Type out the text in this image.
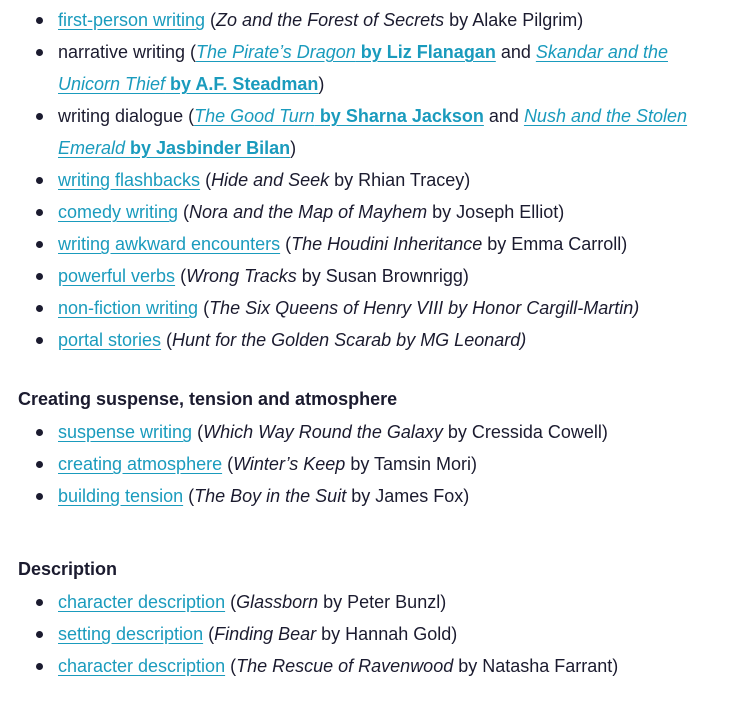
first-person writing (Zo and the Forest of Secrets by Alake Pilgrim)
narrative writing (The Pirate’s Dragon by Liz Flanagan and Skandar and the Unicorn Thief by A.F. Steadman)
writing dialogue (The Good Turn by Sharna Jackson and Nush and the Stolen Emerald by Jasbinder Bilan)
writing flashbacks (Hide and Seek by Rhian Tracey)
comedy writing (Nora and the Map of Mayhem by Joseph Elliot)
writing awkward encounters (The Houdini Inheritance by Emma Carroll)
powerful verbs (Wrong Tracks by Susan Brownrigg)
non-fiction writing (The Six Queens of Henry VIII by Honor Cargill-Martin)
portal stories (Hunt for the Golden Scarab by MG Leonard)
Creating suspense, tension and atmosphere
suspense writing (Which Way Round the Galaxy by Cressida Cowell)
creating atmosphere (Winter’s Keep by Tamsin Mori)
building tension (The Boy in the Suit by James Fox)
Description
character description (Glassborn by Peter Bunzl)
setting description (Finding Bear by Hannah Gold)
character description (The Rescue of Ravenwood by Natasha Farrant)
